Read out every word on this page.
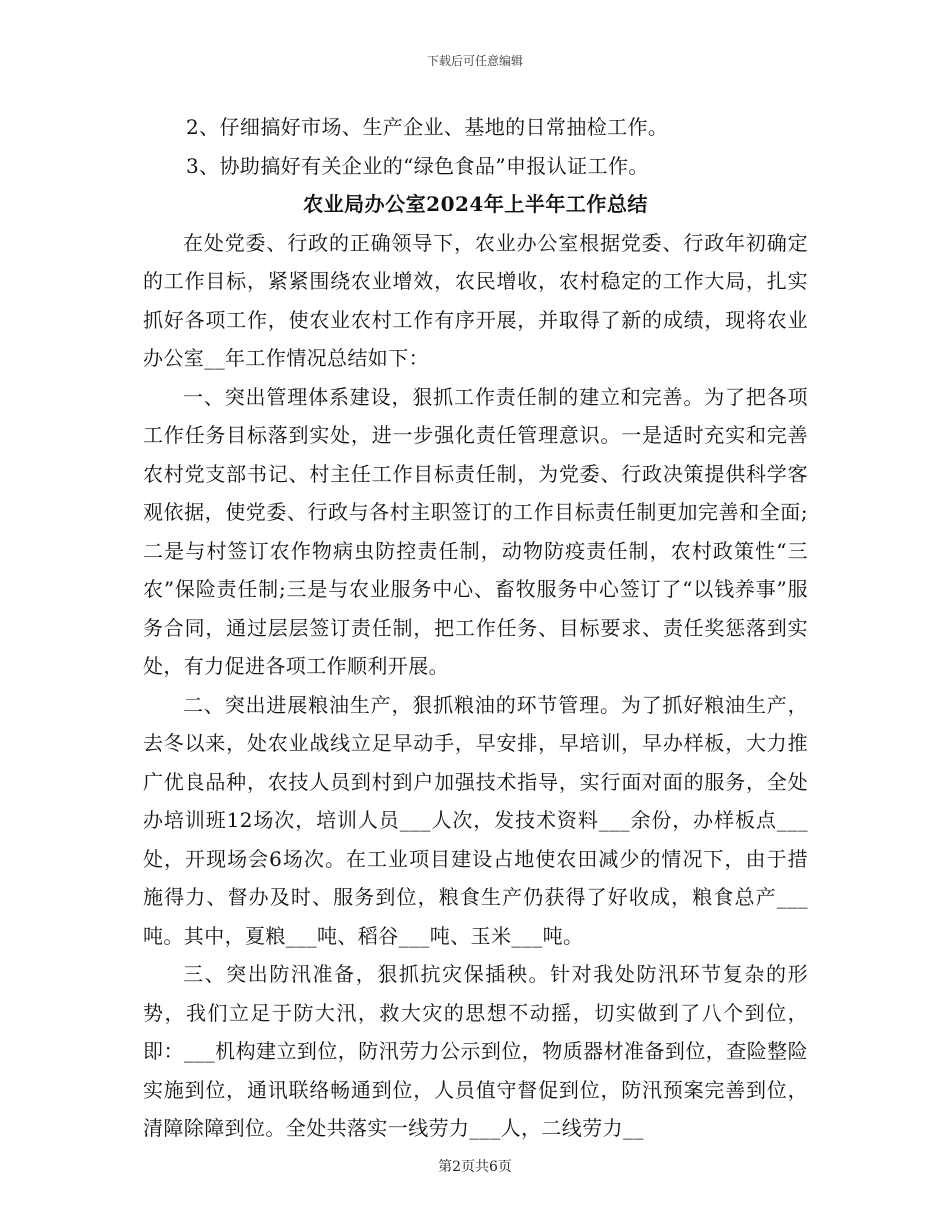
下载后可任意编辑

2、仔细搞好市场、生产企业、基地的日常抽检工作。

3、协助搞好有关企业的“绿色食品”申报认证工作。

农业局办公室2024年上半年工作总结

在处党委、行政的正确领导下，农业办公室根据党委、行政年初确定的工作目标，紧紧围绕农业增效，农民增收，农村稳定的工作大局，扎实抓好各项工作，使农业农村工作有序开展，并取得了新的成绩，现将农业办公室__年工作情况总结如下：

一、突出管理体系建设，狠抓工作责任制的建立和完善。为了把各项工作任务目标落到实处，进一步强化责任管理意识。一是适时充实和完善农村党支部书记、村主任工作目标责任制，为党委、行政决策提供科学客观依据，使党委、行政与各村主职签订的工作目标责任制更加完善和全面;二是与村签订农作物病虫防控责任制，动物防疫责任制，农村政策性“三农”保险责任制;三是与农业服务中心、畜牧服务中心签订了“以钱养事”服务合同，通过层层签订责任制，把工作任务、目标要求、责任奖惩落到实处，有力促进各项工作顺利开展。

二、突出进展粮油生产，狠抓粮油的环节管理。为了抓好粮油生产，去冬以来，处农业战线立足早动手，早安排，早培训，早办样板，大力推广优良品种，农技人员到村到户加强技术指导，实行面对面的服务，全处办培训班12场次，培训人员___人次，发技术资料___余份，办样板点___处，开现场会6场次。在工业项目建设占地使农田减少的情况下，由于措施得力、督办及时、服务到位，粮食生产仍获得了好收成，粮食总产___吨。其中，夏粮___吨、稻谷___吨、玉米___吨。

三、突出防汛准备，狠抓抗灾保插秧。针对我处防汛环节复杂的形势，我们立足于防大汛，救大灾的思想不动摇，切实做到了八个到位，即：___机构建立到位，防汛劳力公示到位，物质器材准备到位，查险整险实施到位，通讯联络畅通到位，人员值守督促到位，防汛预案完善到位，清障除障到位。全处共落实一线劳力___人，二线劳力__

第2页共6页
